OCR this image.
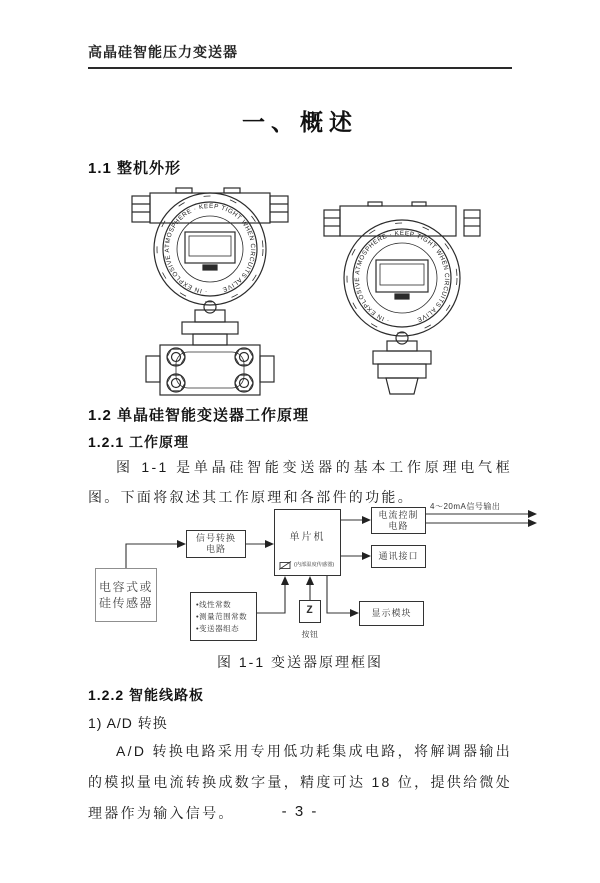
高晶硅智能压力变送器
一、概述
1.1 整机外形
· IN EXPLOSIVE ATMOSPHERE · KEEP TIGHT WHEN CIRCUITS ALIVE
· IN EXPLOSIVE ATMOSPHERE · KEEP TIGHT WHEN CIRCUITS ALIVE
1.2 单晶硅智能变送器工作原理
1.2.1 工作原理
图 1-1 是单晶硅智能变送器的基本工作原理电气框图。下面将叙述其工作原理和各部件的功能。
电容式或
硅传感器
信号转换
电路
单片机
(内部温度传感器)
电流控制
电路
通讯接口
显示模块
•线性常数
•测量范围常数
•变送器组态
Z
按钮
4～20mA信号输出
图 1-1 变送器原理框图
1.2.2 智能线路板
1) A/D 转换
A/D 转换电路采用专用低功耗集成电路，将解调器输出的模拟量电流转换成数字量，精度可达 18 位，提供给微处理器作为输入信号。	- 3 -
